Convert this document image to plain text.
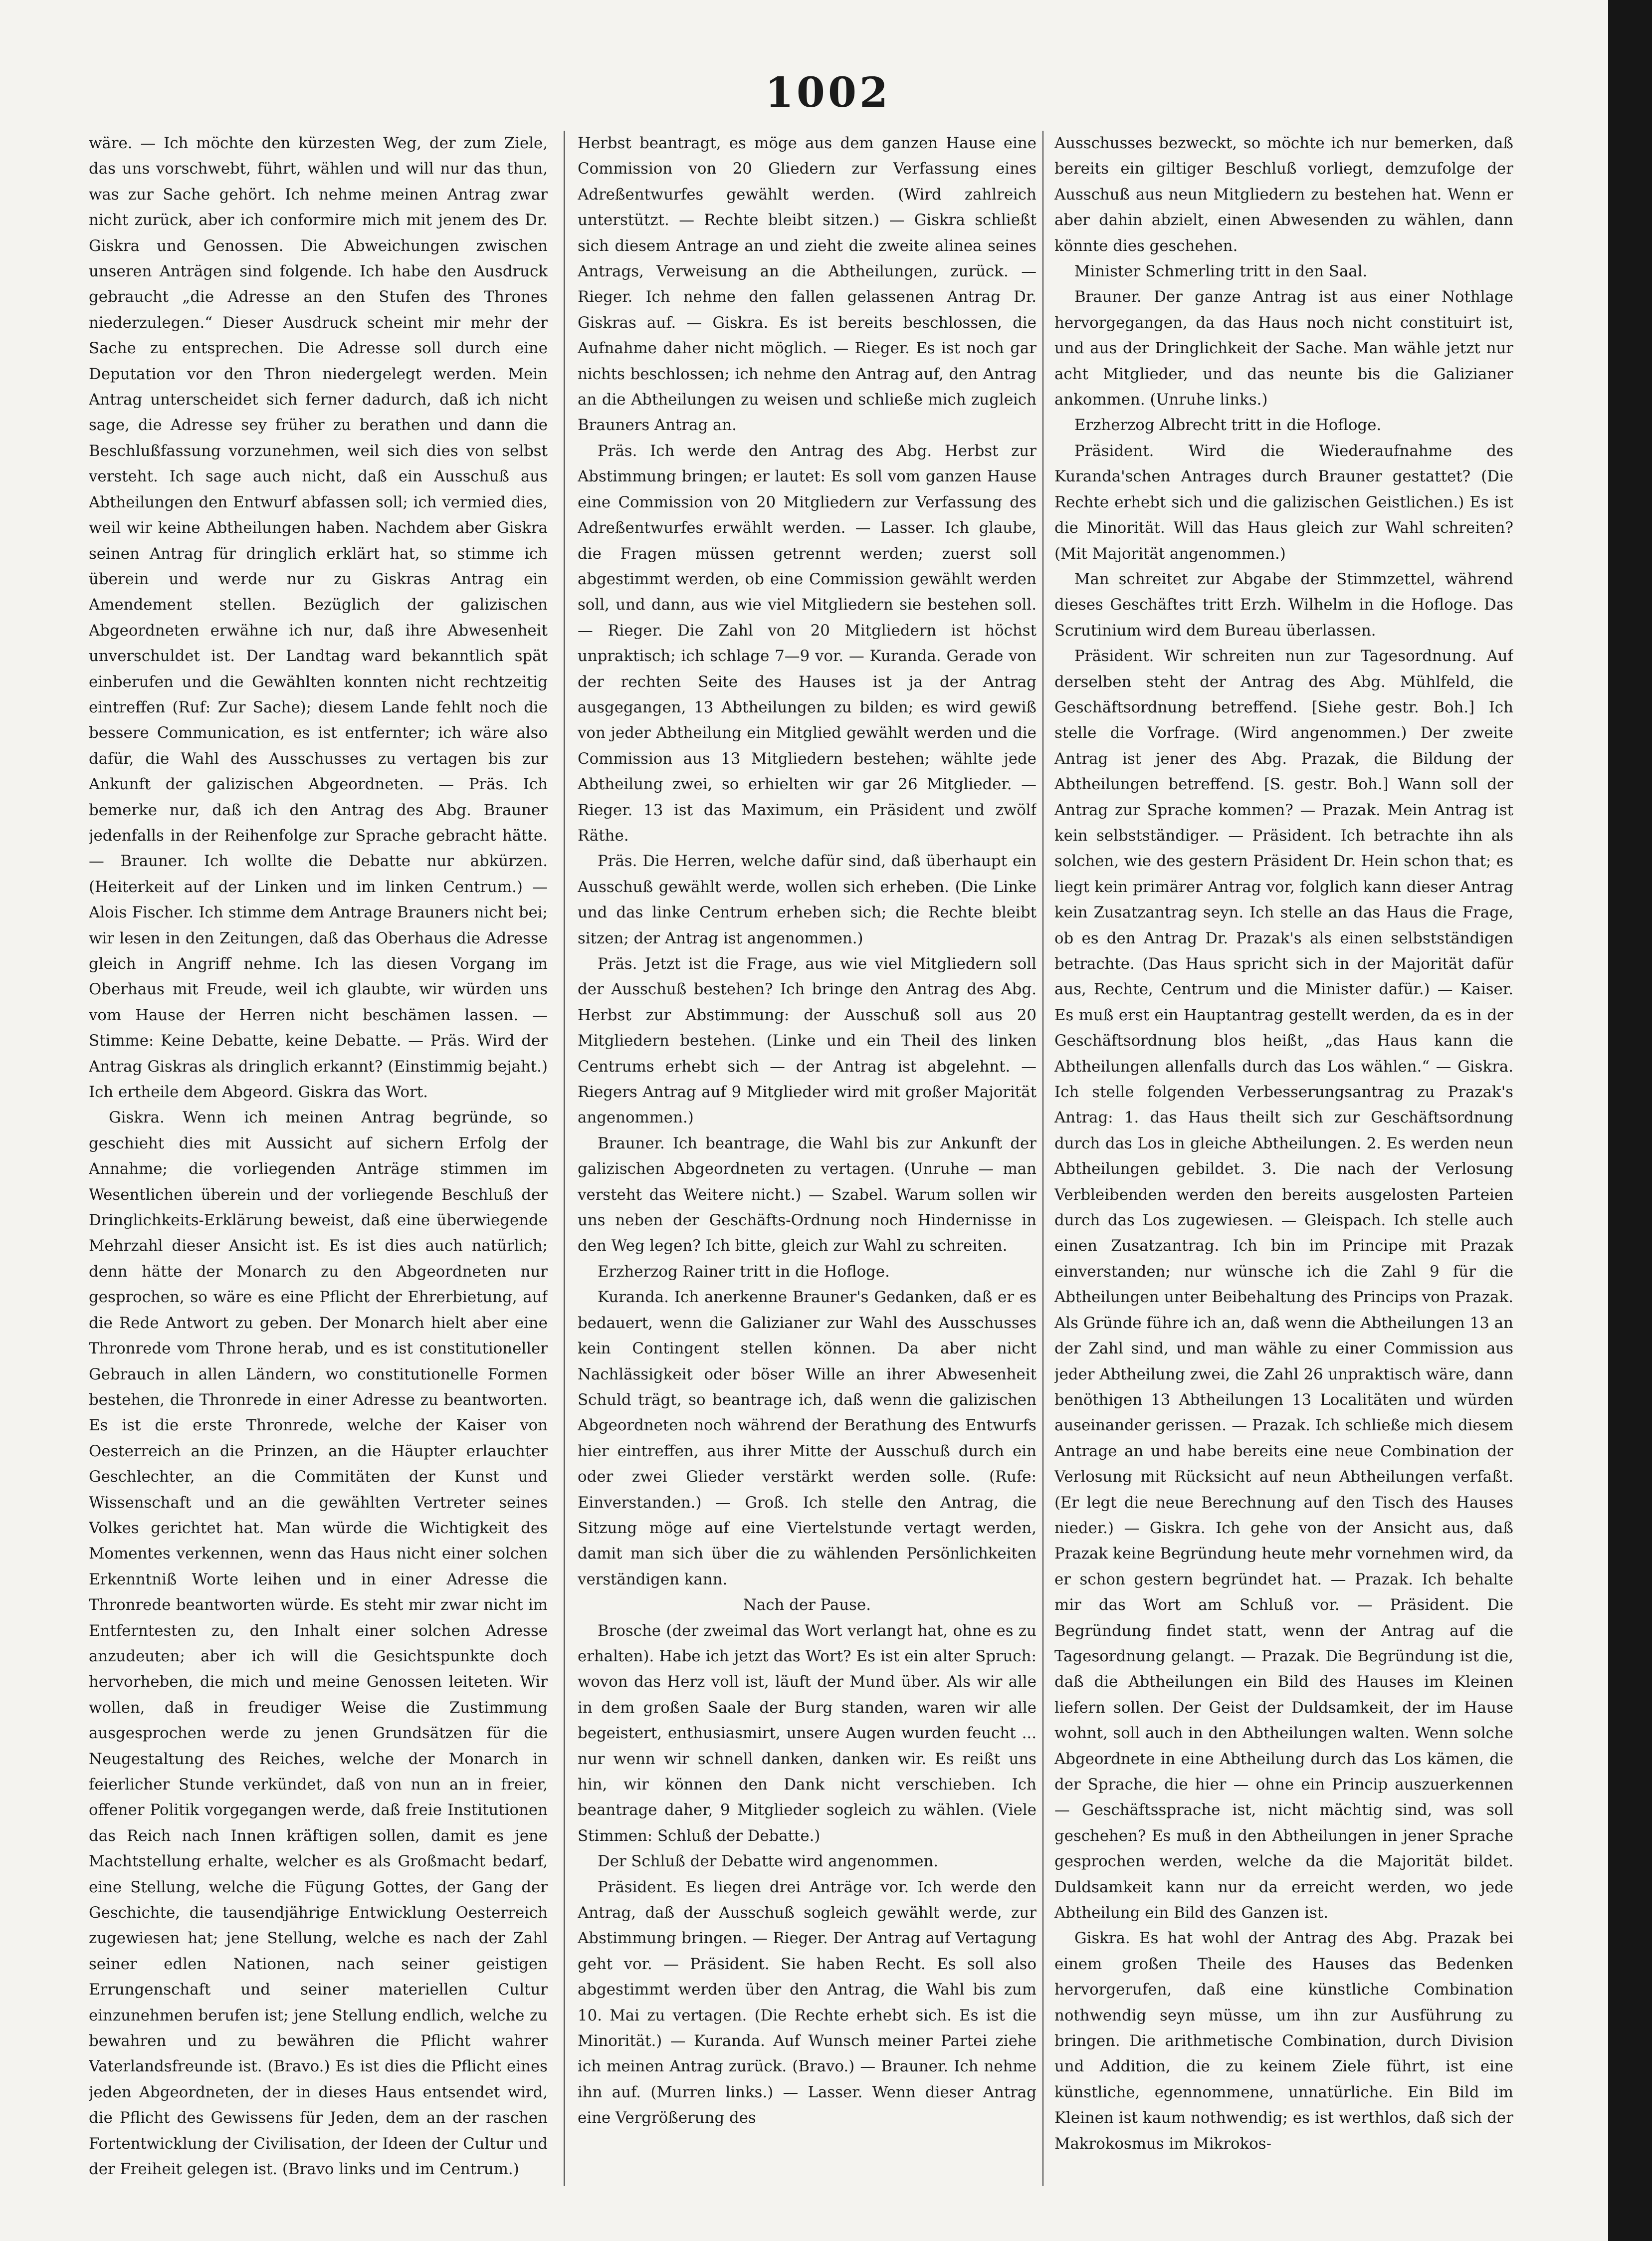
1002

wäre. — Ich möchte den kürzesten Weg, der zum Ziele, das uns vorschwebt, führt, wählen und will nur das thun, was zur Sache gehört. Ich nehme meinen Antrag zwar nicht zurück, aber ich conformire mich mit jenem des Dr. Giskra und Genossen. Die Abweichungen zwischen unseren Anträgen sind folgende. Ich habe den Ausdruck gebraucht „die Adresse an den Stufen des Thrones niederzulegen.“ Dieser Ausdruck scheint mir mehr der Sache zu entsprechen. Die Adresse soll durch eine Deputation vor den Thron niedergelegt werden. Mein Antrag unterscheidet sich ferner dadurch, daß ich nicht sage, die Adresse sey früher zu berathen und dann die Beschlußfassung vorzunehmen, weil sich dies von selbst versteht. Ich sage auch nicht, daß ein Ausschuß aus Abtheilungen den Entwurf abfassen soll; ich vermied dies, weil wir keine Abtheilungen haben. Nachdem aber Giskra seinen Antrag für dringlich erklärt hat, so stimme ich überein und werde nur zu Giskras Antrag ein Amendement stellen. Bezüglich der galizischen Abgeordneten erwähne ich nur, daß ihre Abwesenheit unverschuldet ist. Der Landtag ward bekanntlich spät einberufen und die Gewählten konnten nicht rechtzeitig eintreffen (Ruf: Zur Sache); diesem Lande fehlt noch die bessere Communication, es ist entfernter; ich wäre also dafür, die Wahl des Ausschusses zu vertagen bis zur Ankunft der galizischen Abgeordneten. — Präs. Ich bemerke nur, daß ich den Antrag des Abg. Brauner jedenfalls in der Reihenfolge zur Sprache gebracht hätte. — Brauner. Ich wollte die Debatte nur abkürzen. (Heiterkeit auf der Linken und im linken Centrum.) — Alois Fischer. Ich stimme dem Antrage Brauners nicht bei; wir lesen in den Zeitungen, daß das Oberhaus die Adresse gleich in Angriff nehme. Ich las diesen Vorgang im Oberhaus mit Freude, weil ich glaubte, wir würden uns vom Hause der Herren nicht beschämen lassen. — Stimme: Keine Debatte, keine Debatte. — Präs. Wird der Antrag Giskras als dringlich erkannt? (Einstimmig bejaht.) Ich ertheile dem Abgeord. Giskra das Wort.

Giskra. Wenn ich meinen Antrag begründe, so geschieht dies mit Aussicht auf sichern Erfolg der Annahme; die vorliegenden Anträge stimmen im Wesentlichen überein und der vorliegende Beschluß der Dringlichkeits-Erklärung beweist, daß eine überwiegende Mehrzahl dieser Ansicht ist. Es ist dies auch natürlich; denn hätte der Monarch zu den Abgeordneten nur gesprochen, so wäre es eine Pflicht der Ehrerbietung, auf die Rede Antwort zu geben. Der Monarch hielt aber eine Thronrede vom Throne herab, und es ist constitutioneller Gebrauch in allen Ländern, wo constitutionelle Formen bestehen, die Thronrede in einer Adresse zu beantworten. Es ist die erste Thronrede, welche der Kaiser von Oesterreich an die Prinzen, an die Häupter erlauchter Geschlechter, an die Commitäten der Kunst und Wissenschaft und an die gewählten Vertreter seines Volkes gerichtet hat. Man würde die Wichtigkeit des Momentes verkennen, wenn das Haus nicht einer solchen Erkenntniß Worte leihen und in einer Adresse die Thronrede beantworten würde. Es steht mir zwar nicht im Entferntesten zu, den Inhalt einer solchen Adresse anzudeuten; aber ich will die Gesichtspunkte doch hervorheben, die mich und meine Genossen leiteten. Wir wollen, daß in freudiger Weise die Zustimmung ausgesprochen werde zu jenen Grundsätzen für die Neugestaltung des Reiches, welche der Monarch in feierlicher Stunde verkündet, daß von nun an in freier, offener Politik vorgegangen werde, daß freie Institutionen das Reich nach Innen kräftigen sollen, damit es jene Machtstellung erhalte, welcher es als Großmacht bedarf, eine Stellung, welche die Fügung Gottes, der Gang der Geschichte, die tausendjährige Entwicklung Oesterreich zugewiesen hat; jene Stellung, welche es nach der Zahl seiner edlen Nationen, nach seiner geistigen Errungenschaft und seiner materiellen Cultur einzunehmen berufen ist; jene Stellung endlich, welche zu bewahren und zu bewähren die Pflicht wahrer Vaterlandsfreunde ist. (Bravo.) Es ist dies die Pflicht eines jeden Abgeordneten, der in dieses Haus entsendet wird, die Pflicht des Gewissens für Jeden, dem an der raschen Fortentwicklung der Civilisation, der Ideen der Cultur und der Freiheit gelegen ist. (Bravo links und im Centrum.)

Herbst beantragt, es möge aus dem ganzen Hause eine Commission von 20 Gliedern zur Verfassung eines Adreßentwurfes gewählt werden. (Wird zahlreich unterstützt. — Rechte bleibt sitzen.) — Giskra schließt sich diesem Antrage an und zieht die zweite alinea seines Antrags, Verweisung an die Abtheilungen, zurück. — Rieger. Ich nehme den fallen gelassenen Antrag Dr. Giskras auf. — Giskra. Es ist bereits beschlossen, die Aufnahme daher nicht möglich. — Rieger. Es ist noch gar nichts beschlossen; ich nehme den Antrag auf, den Antrag an die Abtheilungen zu weisen und schließe mich zugleich Brauners Antrag an.

Präs. Ich werde den Antrag des Abg. Herbst zur Abstimmung bringen; er lautet: Es soll vom ganzen Hause eine Commission von 20 Mitgliedern zur Verfassung des Adreßentwurfes erwählt werden. — Lasser. Ich glaube, die Fragen müssen getrennt werden; zuerst soll abgestimmt werden, ob eine Commission gewählt werden soll, und dann, aus wie viel Mitgliedern sie bestehen soll. — Rieger. Die Zahl von 20 Mitgliedern ist höchst unpraktisch; ich schlage 7—9 vor. — Kuranda. Gerade von der rechten Seite des Hauses ist ja der Antrag ausgegangen, 13 Abtheilungen zu bilden; es wird gewiß von jeder Abtheilung ein Mitglied gewählt werden und die Commission aus 13 Mitgliedern bestehen; wählte jede Abtheilung zwei, so erhielten wir gar 26 Mitglieder. — Rieger. 13 ist das Maximum, ein Präsident und zwölf Räthe.

Präs. Die Herren, welche dafür sind, daß überhaupt ein Ausschuß gewählt werde, wollen sich erheben. (Die Linke und das linke Centrum erheben sich; die Rechte bleibt sitzen; der Antrag ist angenommen.)

Präs. Jetzt ist die Frage, aus wie viel Mitgliedern soll der Ausschuß bestehen? Ich bringe den Antrag des Abg. Herbst zur Abstimmung: der Ausschuß soll aus 20 Mitgliedern bestehen. (Linke und ein Theil des linken Centrums erhebt sich — der Antrag ist abgelehnt. — Riegers Antrag auf 9 Mitglieder wird mit großer Majorität angenommen.)

Brauner. Ich beantrage, die Wahl bis zur Ankunft der galizischen Abgeordneten zu vertagen. (Unruhe — man versteht das Weitere nicht.) — Szabel. Warum sollen wir uns neben der Geschäfts-Ordnung noch Hindernisse in den Weg legen? Ich bitte, gleich zur Wahl zu schreiten.

Erzherzog Rainer tritt in die Hofloge.

Kuranda. Ich anerkenne Brauner's Gedanken, daß er es bedauert, wenn die Galizianer zur Wahl des Ausschusses kein Contingent stellen können. Da aber nicht Nachlässigkeit oder böser Wille an ihrer Abwesenheit Schuld trägt, so beantrage ich, daß wenn die galizischen Abgeordneten noch während der Berathung des Entwurfs hier eintreffen, aus ihrer Mitte der Ausschuß durch ein oder zwei Glieder verstärkt werden solle. (Rufe: Einverstanden.) — Groß. Ich stelle den Antrag, die Sitzung möge auf eine Viertelstunde vertagt werden, damit man sich über die zu wählenden Persönlichkeiten verständigen kann.

Nach der Pause.

Brosche (der zweimal das Wort verlangt hat, ohne es zu erhalten). Habe ich jetzt das Wort? Es ist ein alter Spruch: wovon das Herz voll ist, läuft der Mund über. Als wir alle in dem großen Saale der Burg standen, waren wir alle begeistert, enthusiasmirt, unsere Augen wurden feucht ... nur wenn wir schnell danken, danken wir. Es reißt uns hin, wir können den Dank nicht verschieben. Ich beantrage daher, 9 Mitglieder sogleich zu wählen. (Viele Stimmen: Schluß der Debatte.)

Der Schluß der Debatte wird angenommen.

Präsident. Es liegen drei Anträge vor. Ich werde den Antrag, daß der Ausschuß sogleich gewählt werde, zur Abstimmung bringen. — Rieger. Der Antrag auf Vertagung geht vor. — Präsident. Sie haben Recht. Es soll also abgestimmt werden über den Antrag, die Wahl bis zum 10. Mai zu vertagen. (Die Rechte erhebt sich. Es ist die Minorität.) — Kuranda. Auf Wunsch meiner Partei ziehe ich meinen Antrag zurück. (Bravo.) — Brauner. Ich nehme ihn auf. (Murren links.) — Lasser. Wenn dieser Antrag eine Vergrößerung des

Ausschusses bezweckt, so möchte ich nur bemerken, daß bereits ein giltiger Beschluß vorliegt, demzufolge der Ausschuß aus neun Mitgliedern zu bestehen hat. Wenn er aber dahin abzielt, einen Abwesenden zu wählen, dann könnte dies geschehen.

Minister Schmerling tritt in den Saal.

Brauner. Der ganze Antrag ist aus einer Nothlage hervorgegangen, da das Haus noch nicht constituirt ist, und aus der Dringlichkeit der Sache. Man wähle jetzt nur acht Mitglieder, und das neunte bis die Galizianer ankommen. (Unruhe links.)

Erzherzog Albrecht tritt in die Hofloge.

Präsident. Wird die Wiederaufnahme des Kuranda'schen Antrages durch Brauner gestattet? (Die Rechte erhebt sich und die galizischen Geistlichen.) Es ist die Minorität. Will das Haus gleich zur Wahl schreiten? (Mit Majorität angenommen.)

Man schreitet zur Abgabe der Stimmzettel, während dieses Geschäftes tritt Erzh. Wilhelm in die Hofloge. Das Scrutinium wird dem Bureau überlassen.

Präsident. Wir schreiten nun zur Tagesordnung. Auf derselben steht der Antrag des Abg. Mühlfeld, die Geschäftsordnung betreffend. [Siehe gestr. Boh.] Ich stelle die Vorfrage. (Wird angenommen.) Der zweite Antrag ist jener des Abg. Prazak, die Bildung der Abtheilungen betreffend. [S. gestr. Boh.] Wann soll der Antrag zur Sprache kommen? — Prazak. Mein Antrag ist kein selbstständiger. — Präsident. Ich betrachte ihn als solchen, wie des gestern Präsident Dr. Hein schon that; es liegt kein primärer Antrag vor, folglich kann dieser Antrag kein Zusatzantrag seyn. Ich stelle an das Haus die Frage, ob es den Antrag Dr. Prazak's als einen selbstständigen betrachte. (Das Haus spricht sich in der Majorität dafür aus, Rechte, Centrum und die Minister dafür.) — Kaiser. Es muß erst ein Hauptantrag gestellt werden, da es in der Geschäftsordnung blos heißt, „das Haus kann die Abtheilungen allenfalls durch das Los wählen.“ — Giskra. Ich stelle folgenden Verbesserungsantrag zu Prazak's Antrag: 1. das Haus theilt sich zur Geschäftsordnung durch das Los in gleiche Abtheilungen. 2. Es werden neun Abtheilungen gebildet. 3. Die nach der Verlosung Verbleibenden werden den bereits ausgelosten Parteien durch das Los zugewiesen. — Gleispach. Ich stelle auch einen Zusatzantrag. Ich bin im Principe mit Prazak einverstanden; nur wünsche ich die Zahl 9 für die Abtheilungen unter Beibehaltung des Princips von Prazak. Als Gründe führe ich an, daß wenn die Abtheilungen 13 an der Zahl sind, und man wähle zu einer Commission aus jeder Abtheilung zwei, die Zahl 26 unpraktisch wäre, dann benöthigen 13 Abtheilungen 13 Localitäten und würden auseinander gerissen. — Prazak. Ich schließe mich diesem Antrage an und habe bereits eine neue Combination der Verlosung mit Rücksicht auf neun Abtheilungen verfaßt. (Er legt die neue Berechnung auf den Tisch des Hauses nieder.) — Giskra. Ich gehe von der Ansicht aus, daß Prazak keine Begründung heute mehr vornehmen wird, da er schon gestern begründet hat. — Prazak. Ich behalte mir das Wort am Schluß vor. — Präsident. Die Begründung findet statt, wenn der Antrag auf die Tagesordnung gelangt. — Prazak. Die Begründung ist die, daß die Abtheilungen ein Bild des Hauses im Kleinen liefern sollen. Der Geist der Duldsamkeit, der im Hause wohnt, soll auch in den Abtheilungen walten. Wenn solche Abgeordnete in eine Abtheilung durch das Los kämen, die der Sprache, die hier — ohne ein Princip auszuerkennen — Geschäftssprache ist, nicht mächtig sind, was soll geschehen? Es muß in den Abtheilungen in jener Sprache gesprochen werden, welche da die Majorität bildet. Duldsamkeit kann nur da erreicht werden, wo jede Abtheilung ein Bild des Ganzen ist.

Giskra. Es hat wohl der Antrag des Abg. Prazak bei einem großen Theile des Hauses das Bedenken hervorgerufen, daß eine künstliche Combination nothwendig seyn müsse, um ihn zur Ausführung zu bringen. Die arithmetische Combination, durch Division und Addition, die zu keinem Ziele führt, ist eine künstliche, egennommene, unnatürliche. Ein Bild im Kleinen ist kaum nothwendig; es ist werthlos, daß sich der Makrokosmus im Mikrokos-
